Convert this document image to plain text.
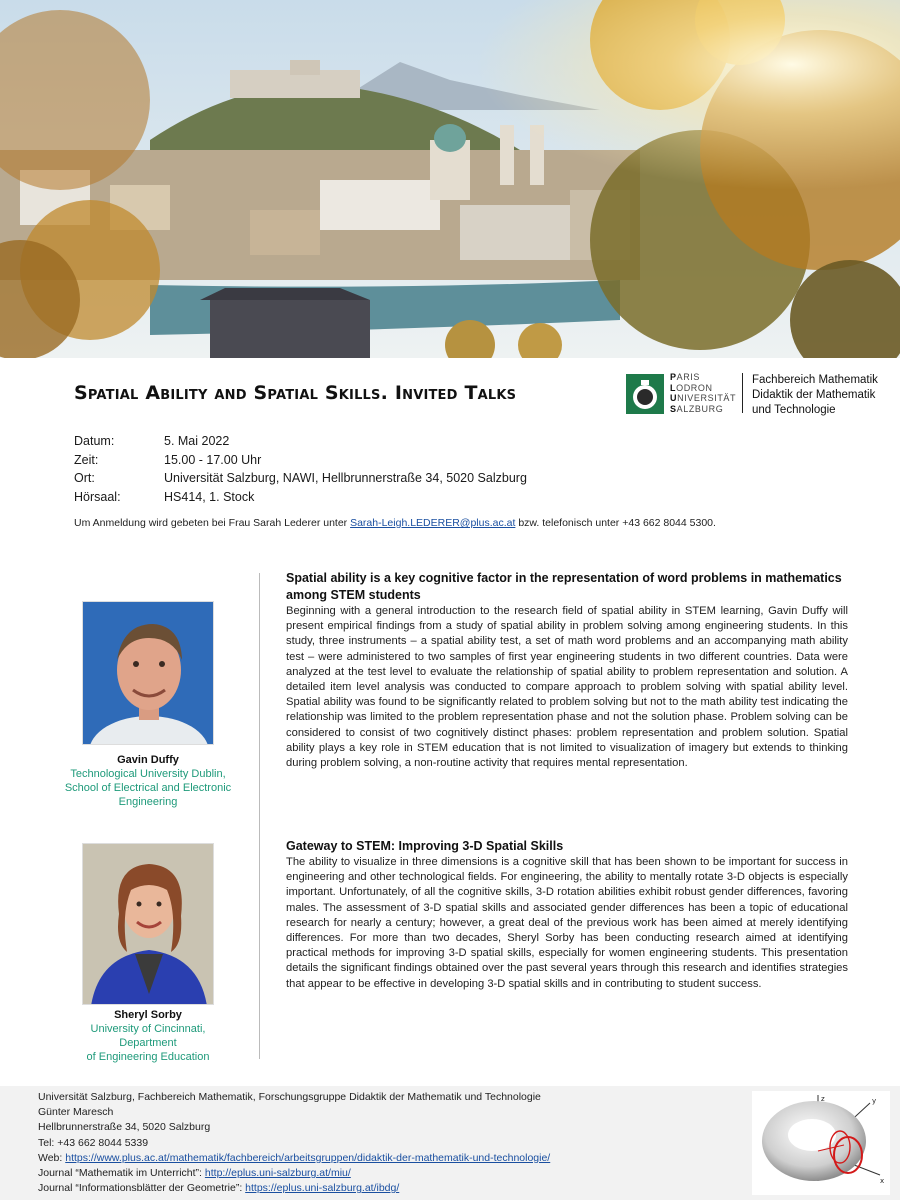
Spatial Ability and Spatial Skills. Invited Talks
PARIS
LODRON
UNIVERSITÄT
SALZBURG
Fachbereich Mathematik
Didaktik der Mathematik
und Technologie
Datum:	5. Mai 2022
Zeit:	15.00 - 17.00 Uhr
Ort:	Universität Salzburg, NAWI, Hellbrunnerstraße 34, 5020 Salzburg
Hörsaal:	HS414, 1. Stock
Um Anmeldung wird gebeten bei Frau Sarah Lederer unter Sarah-Leigh.LEDERER@plus.ac.at bzw. telefonisch unter +43 662 8044 5300.
Gavin Duffy
Technological University Dublin,
School of Electrical and Electronic
Engineering
Sheryl Sorby
University of Cincinnati,
Department
of Engineering Education
Spatial ability is a key cognitive factor in the representation of word problems in mathematics among STEM students
Beginning with a general introduction to the research field of spatial ability in STEM learning, Gavin Duffy will present empirical findings from a study of spatial ability in problem solving among engineering students. In this study, three instruments – a spatial ability test, a set of math word problems and an accompanying math ability test – were administered to two samples of first year engineering students in two different countries. Data were analyzed at the test level to evaluate the relationship of spatial ability to problem representation and solution. A detailed item level analysis was conducted to compare approach to problem solving with spatial ability level. Spatial ability was found to be significantly related to problem solving but not to the math ability test indicating the relationship was limited to the problem representation phase and not the solution phase. Problem solving can be considered to consist of two cognitively distinct phases: problem representation and problem solution. Spatial ability plays a key role in STEM education that is not limited to visualization of imagery but extends to thinking during problem solving, a non-routine activity that requires mental representation.
Gateway to STEM: Improving 3-D Spatial Skills
The ability to visualize in three dimensions is a cognitive skill that has been shown to be important for success in engineering and other technological fields. For engineering, the ability to mentally rotate 3-D objects is especially important. Unfortunately, of all the cognitive skills, 3-D rotation abilities exhibit robust gender differences, favoring males. The assessment of 3-D spatial skills and associated gender differences has been a topic of educational research for nearly a century; however, a great deal of the previous work has been aimed at merely identifying differences. For more than two decades, Sheryl Sorby has been conducting research aimed at identifying practical methods for improving 3-D spatial skills, especially for women engineering students. This presentation details the significant findings obtained over the past several years through this research and identifies strategies that appear to be effective in developing 3-D spatial skills and in contributing to student success.
Universität Salzburg, Fachbereich Mathematik, Forschungsgruppe Didaktik der Mathematik und Technologie
Günter Maresch
Hellbrunnerstraße 34, 5020 Salzburg
Tel: +43 662 8044 5339
Web: https://www.plus.ac.at/mathematik/fachbereich/arbeitsgruppen/didaktik-der-mathematik-und-technologie/
Journal “Mathematik im Unterricht”: http://eplus.uni-salzburg.at/miu/
Journal “Informationsblätter der Geometrie”: https://eplus.uni-salzburg.at/ibdg/
z	y
x
